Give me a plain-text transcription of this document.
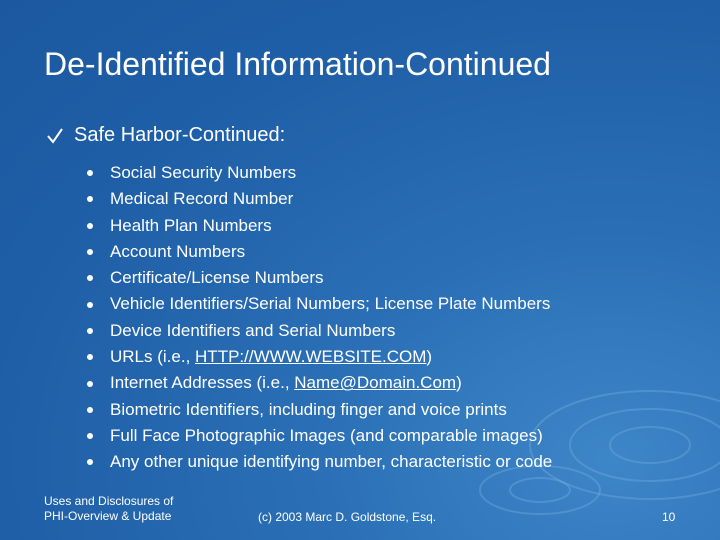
De-Identified Information-Continued
Safe Harbor-Continued:
Social Security Numbers
Medical Record Number
Health Plan Numbers
Account Numbers
Certificate/License Numbers
Vehicle Identifiers/Serial Numbers; License Plate Numbers
Device Identifiers and Serial Numbers
URLs (i.e., HTTP://WWW.WEBSITE.COM )
Internet Addresses (i.e., Name@Domain.Com )
Biometric Identifiers, including finger and voice prints
Full Face Photographic Images (and comparable images)
Any other unique identifying number, characteristic or code
Uses and Disclosures of
PHI-Overview & Update	(c) 2003 Marc D. Goldstone, Esq.	10
